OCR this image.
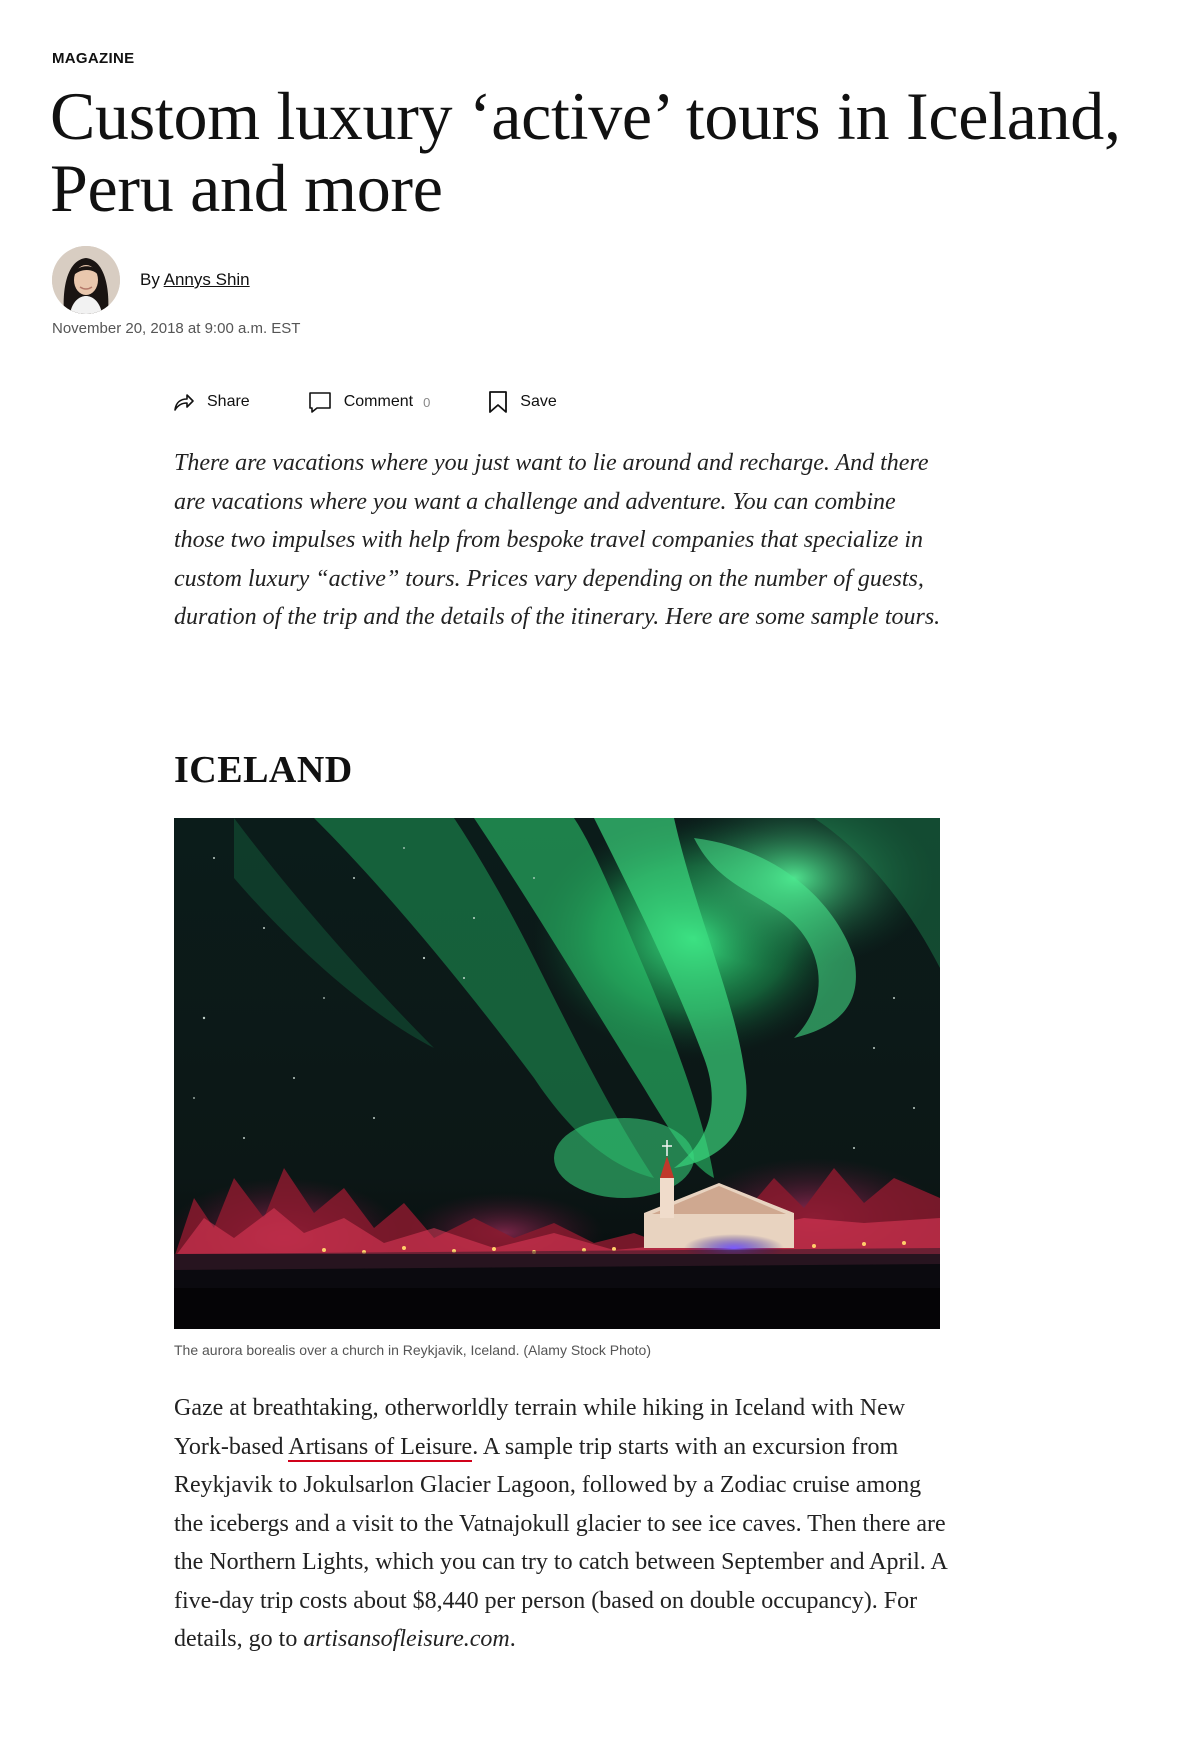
MAGAZINE
Custom luxury ‘active’ tours in Iceland, Peru and more
By Annys Shin
November 20, 2018 at 9:00 a.m. EST
Share	Comment 0	Save

There are vacations where you just want to lie around and recharge. And there are vacations where you want a challenge and adventure. You can combine those two impulses with help from bespoke travel companies that specialize in custom luxury “active” tours. Prices vary depending on the number of guests, duration of the trip and the details of the itinerary. Here are some sample tours.

ICELAND
The aurora borealis over a church in Reykjavik, Iceland. (Alamy Stock Photo)

Gaze at breathtaking, otherworldly terrain while hiking in Iceland with New York-based Artisans of Leisure. A sample trip starts with an excursion from Reykjavik to Jokulsarlon Glacier Lagoon, followed by a Zodiac cruise among the icebergs and a visit to the Vatnajokull glacier to see ice caves. Then there are the Northern Lights, which you can try to catch between September and April. A five-day trip costs about $8,440 per person (based on double occupancy). For details, go to artisansofleisure.com.
